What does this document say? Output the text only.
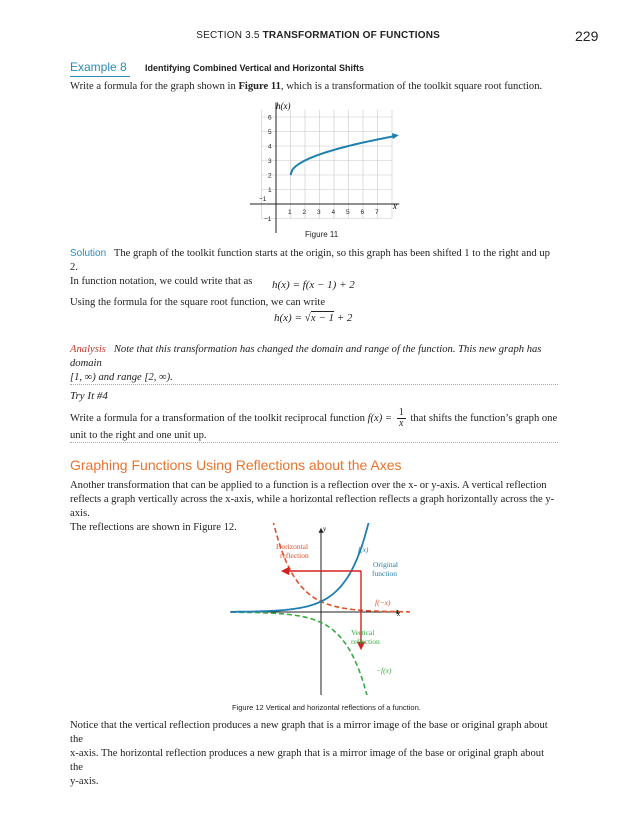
SECTION 3.5 TRANSFORMATION OF FUNCTIONS	229
Example 8 Identifying Combined Vertical and Horizontal Shifts
Write a formula for the graph shown in Figure 11, which is a transformation of the toolkit square root function.
−1
1 2 3 4 5 6 7
−1
1
2
3
4
5
6
h(x)
x
Figure 11
Solution The graph of the toolkit function starts at the origin, so this graph has been shifted 1 to the right and up 2.
In function notation, we could write that as	h(x) = f(x − 1) + 2
Using the formula for the square root function, we can write
h(x) = √x − 1 + 2
Analysis Note that this transformation has changed the domain and range of the function. This new graph has domain
[1, ∞) and range [2, ∞).
Try It #4
Write a formula for a transformation of the toolkit reciprocal function $f(x) = \frac{1}{x}$ that shifts the function’s graph one
unit to the right and one unit up.
Graphing Functions Using Reflections about the Axes
Another transformation that can be applied to a function is a reflection over the x- or y-axis. A vertical reflection
reflects a graph vertically across the x-axis, while a horizontal reflection reflects a graph horizontally across the y-axis.
The reflections are shown in Figure 12.	y
x
Horizontal
reflection
f(x)
Original
function
f(−x)
Vertical
reflection
−f(x)
Figure 12 Vertical and horizontal reflections of a function.
Notice that the vertical reflection produces a new graph that is a mirror image of the base or original graph about the
x-axis. The horizontal reflection produces a new graph that is a mirror image of the base or original graph about the
y-axis.
